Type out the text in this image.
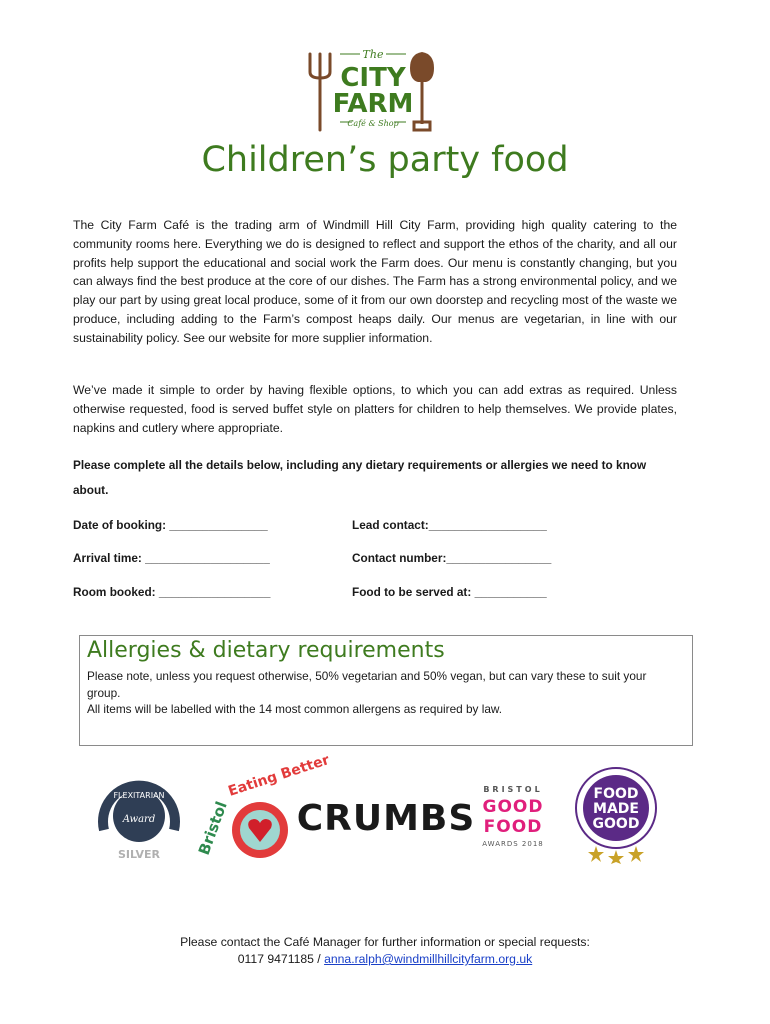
The
CITY
FARM
Café & Shop
Children’s party food

The City Farm Café is the trading arm of Windmill Hill City Farm, providing high quality catering to the community rooms here. Everything we do is designed to reflect and support the ethos of the charity, and all our profits help support the educational and social work the Farm does. Our menu is constantly changing, but you can always find the best produce at the core of our dishes. The Farm has a strong environmental policy, and we play our part by using great local produce, some of it from our own doorstep and recycling most of the waste we produce, including adding to the Farm’s compost heaps daily. Our menus are vegetarian, in line with our sustainability policy. See our website for more supplier information.

We’ve made it simple to order by having flexible options, to which you can add extras as required. Unless otherwise requested, food is served buffet style on platters for children to help themselves. We provide plates, napkins and cutlery where appropriate.

Please complete all the details below, including any dietary requirements or allergies we need to know about.

Date of booking: _______________	Lead contact:__________________

Arrival time: ___________________	Contact number:________________

Room booked: _________________	Food to be served at: ___________

Allergies & dietary requirements
Please note, unless you request otherwise, 50% vegetarian and 50% vegan, but can vary these to suit your group.
All items will be labelled with the 14 most common allergens as required by law.
FLEXITARIAN
Award
SILVER Bristol
Eating Better
CRUMBS
BRISTOL
GOOD
FOOD
AWARDS 2018
FOOD
MADE
GOOD
Please contact the Café Manager for further information or special requests:
0117 9471185 / anna.ralph@windmillhillcityfarm.org.uk
